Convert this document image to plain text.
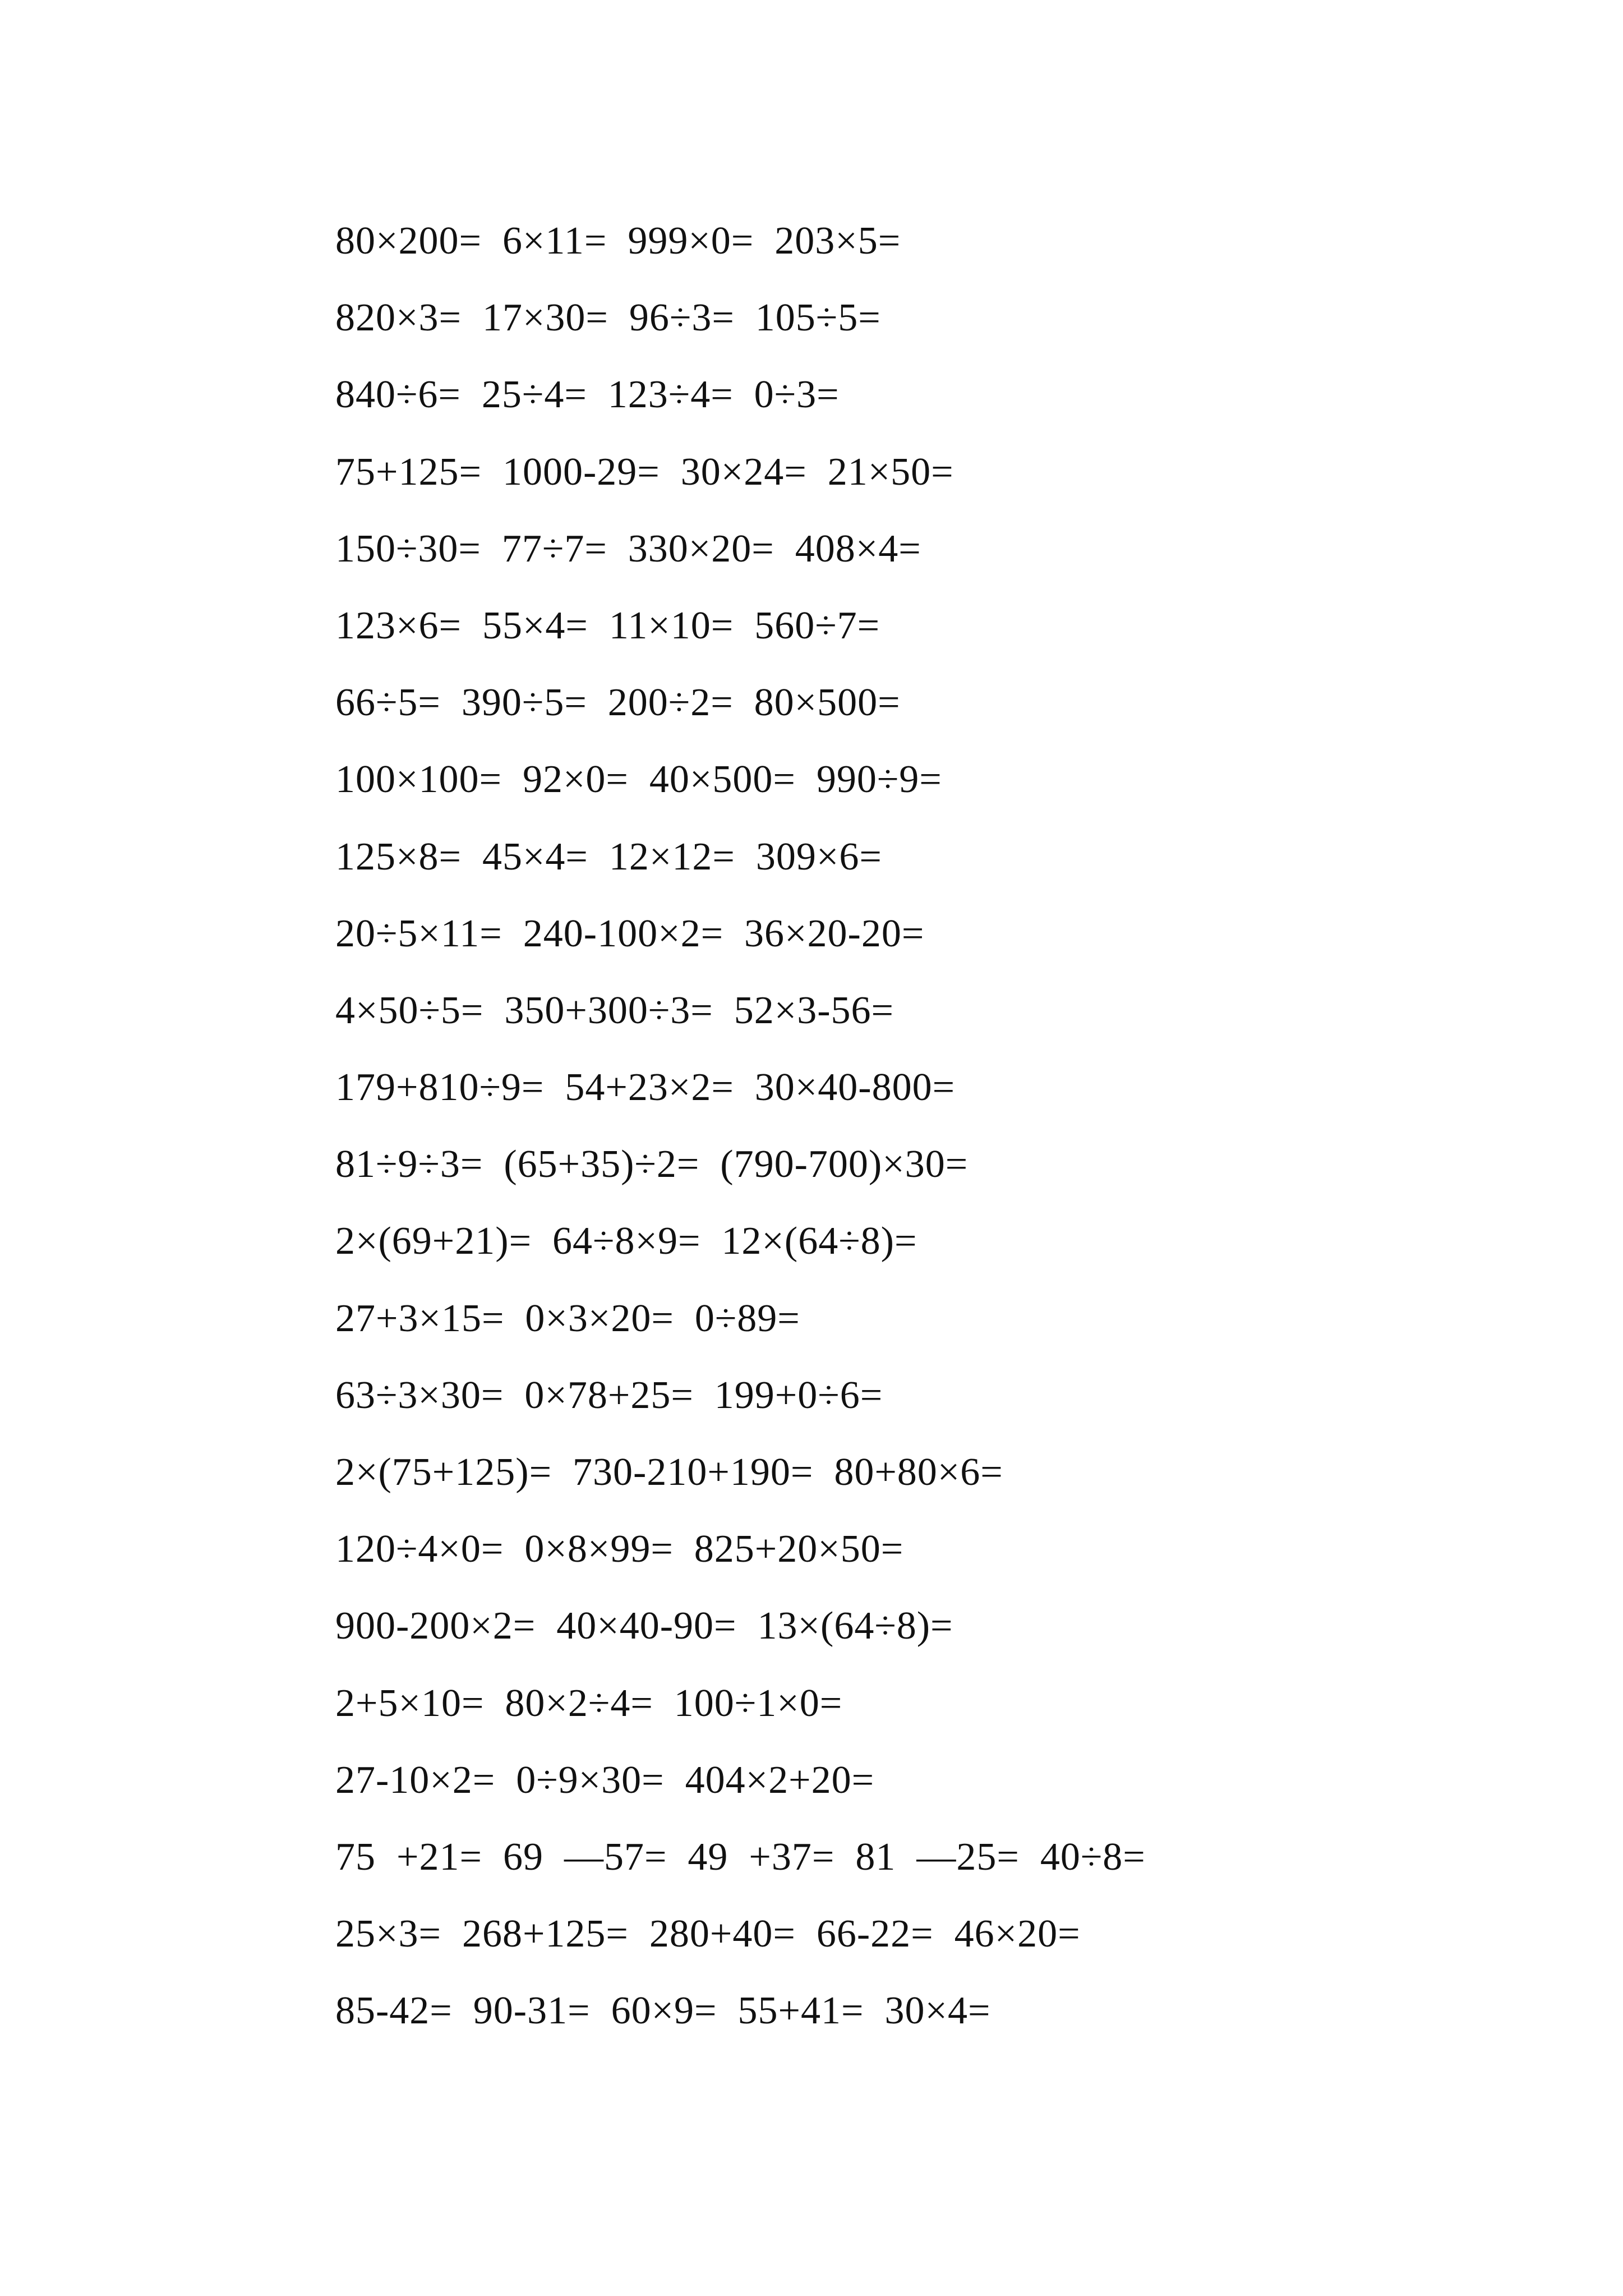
80×200=  6×11=  999×0=  203×5=
820×3=  17×30=  96÷3=  105÷5=
840÷6=  25÷4=  123÷4=  0÷3=
75+125=  1000-29=  30×24=  21×50=
150÷30=  77÷7=  330×20=  408×4=
123×6=  55×4=  11×10=  560÷7=
66÷5=  390÷5=  200÷2=  80×500=
100×100=  92×0=  40×500=  990÷9=
125×8=  45×4=  12×12=  309×6=
20÷5×11=  240-100×2=  36×20-20=
4×50÷5=  350+300÷3=  52×3-56=
179+810÷9=  54+23×2=  30×40-800=
81÷9÷3=  (65+35)÷2=  (790-700)×30=
2×(69+21)=  64÷8×9=  12×(64÷8)=
27+3×15=  0×3×20=  0÷89=
63÷3×30=  0×78+25=  199+0÷6=
2×(75+125)=  730-210+190=  80+80×6=
120÷4×0=  0×8×99=  825+20×50=
900-200×2=  40×40-90=  13×(64÷8)=
2+5×10=  80×2÷4=  100÷1×0=
27-10×2=  0÷9×30=  404×2+20=
75  +21=  69  —57=  49  +37=  81  —25=  40÷8=
25×3=  268+125=  280+40=  66-22=  46×20=
85-42=  90-31=  60×9=  55+41=  30×4=
